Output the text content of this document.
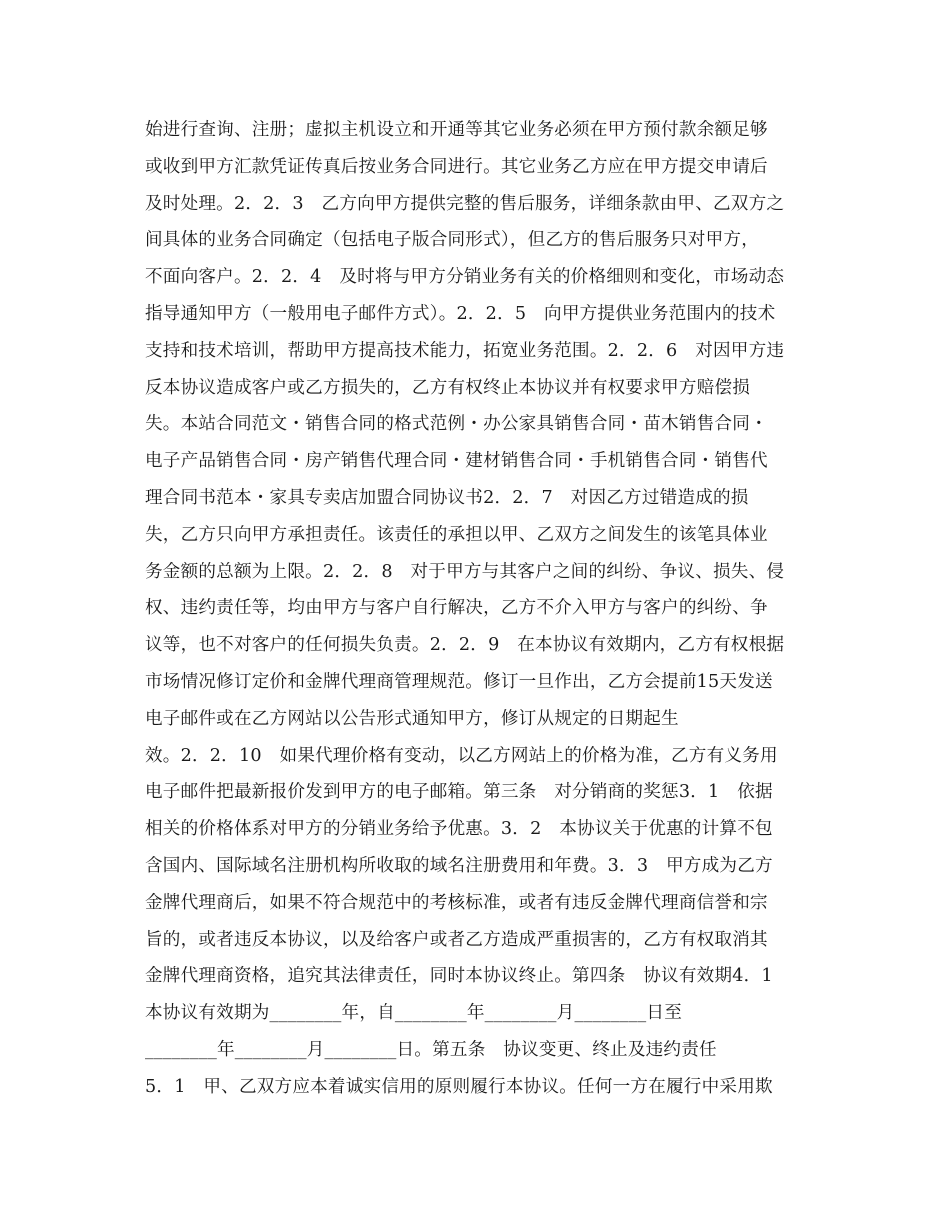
始进行查询、注册；虚拟主机设立和开通等其它业务必须在甲方预付款余额足够
或收到甲方汇款凭证传真后按业务合同进行。其它业务乙方应在甲方提交申请后
及时处理。2．2．3　乙方向甲方提供完整的售后服务，详细条款由甲、乙双方之
间具体的业务合同确定（包括电子版合同形式），但乙方的售后服务只对甲方，
不面向客户。2．2．4　及时将与甲方分销业务有关的价格细则和变化，市场动态
指导通知甲方（一般用电子邮件方式）。2．2．5　向甲方提供业务范围内的技术
支持和技术培训，帮助甲方提高技术能力，拓宽业务范围。2．2．6　对因甲方违
反本协议造成客户或乙方损失的，乙方有权终止本协议并有权要求甲方赔偿损
失。本站合同范文・销售合同的格式范例・办公家具销售合同・苗木销售合同・
电子产品销售合同・房产销售代理合同・建材销售合同・手机销售合同・销售代
理合同书范本・家具专卖店加盟合同协议书2．2．7　对因乙方过错造成的损
失，乙方只向甲方承担责任。该责任的承担以甲、乙双方之间发生的该笔具体业
务金额的总额为上限。2．2．8　对于甲方与其客户之间的纠纷、争议、损失、侵
权、违约责任等，均由甲方与客户自行解决，乙方不介入甲方与客户的纠纷、争
议等，也不对客户的任何损失负责。2．2．9　在本协议有效期内，乙方有权根据
市场情况修订定价和金牌代理商管理规范。修订一旦作出，乙方会提前15天发送
电子邮件或在乙方网站以公告形式通知甲方，修订从规定的日期起生
效。2．2．10　如果代理价格有变动，以乙方网站上的价格为准，乙方有义务用
电子邮件把最新报价发到甲方的电子邮箱。第三条　对分销商的奖惩3．1　依据
相关的价格体系对甲方的分销业务给予优惠。3．2　本协议关于优惠的计算不包
含国内、国际域名注册机构所收取的域名注册费用和年费。3．3　甲方成为乙方
金牌代理商后，如果不符合规范中的考核标准，或者有违反金牌代理商信誉和宗
旨的，或者违反本协议，以及给客户或者乙方造成严重损害的，乙方有权取消其
金牌代理商资格，追究其法律责任，同时本协议终止。第四条　协议有效期4．1
本协议有效期为________年，自________年________月________日至
________年________月________日。第五条　协议变更、终止及违约责任
5．1　甲、乙双方应本着诚实信用的原则履行本协议。任何一方在履行中采用欺
